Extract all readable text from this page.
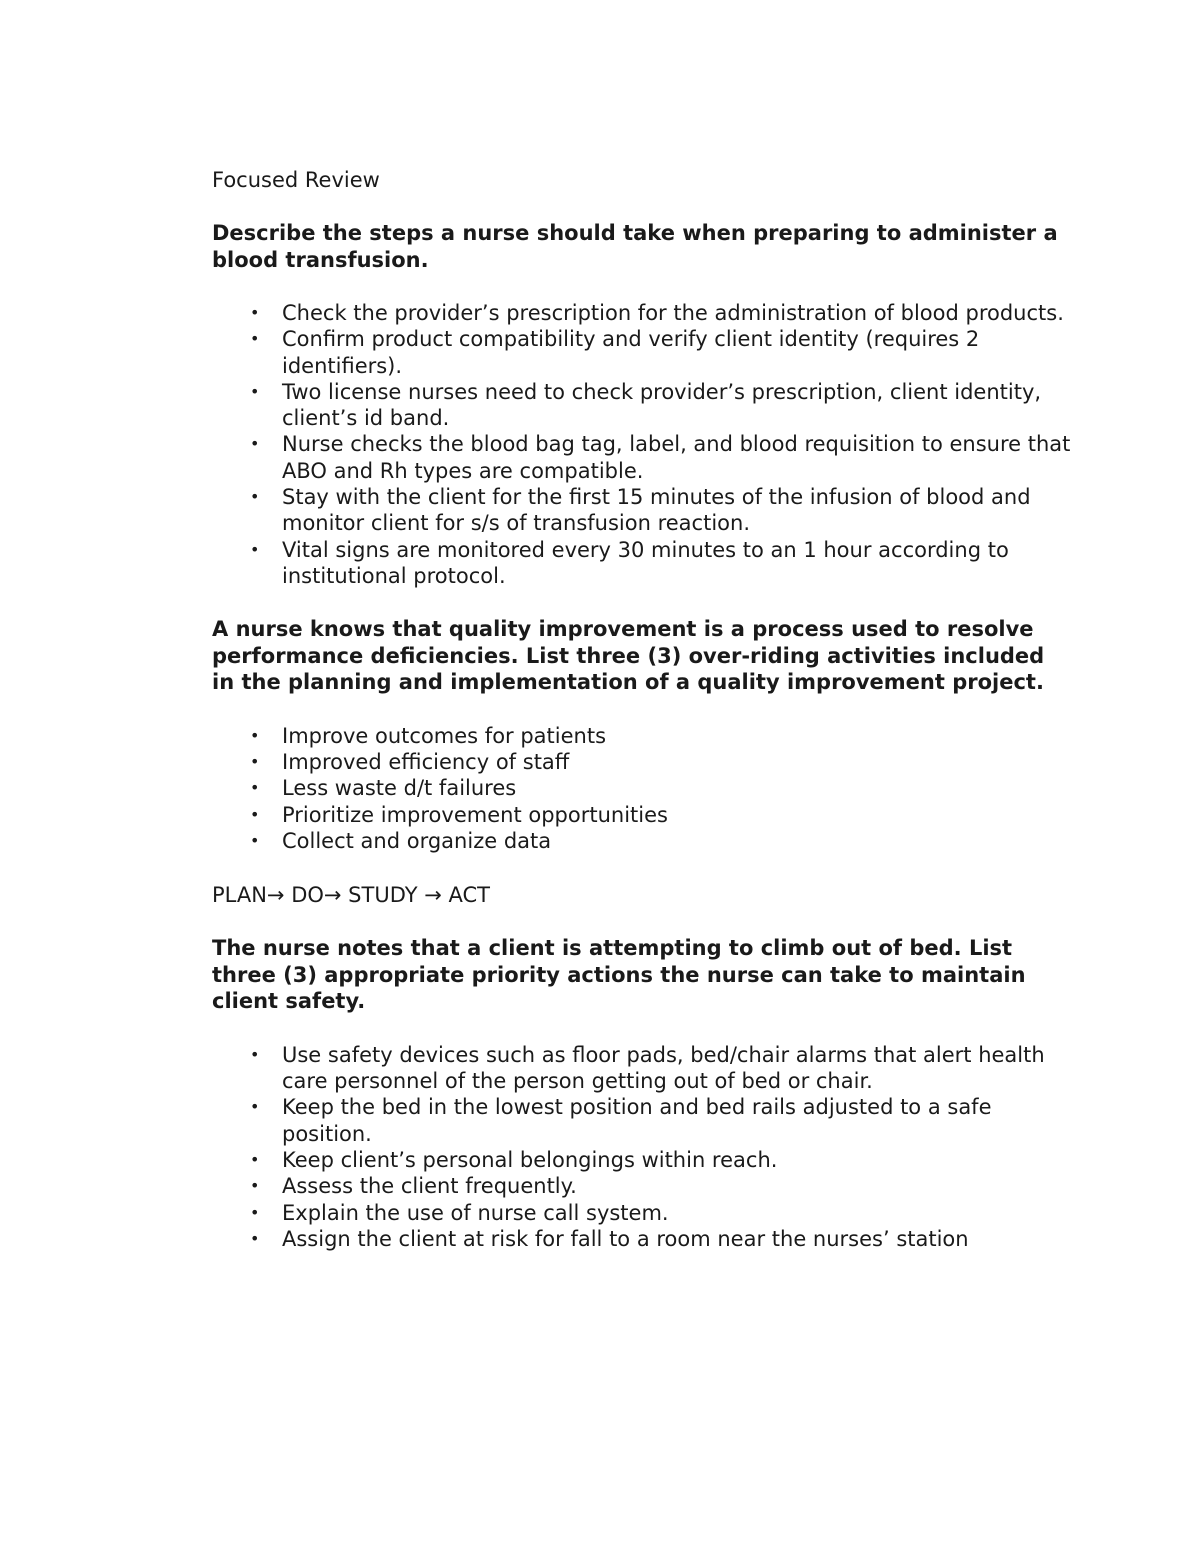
Focused Review
Describe the steps a nurse should take when preparing to administer a blood transfusion.
• Check the provider’s prescription for the administration of blood products.
• Confirm product compatibility and verify client identity (requires 2 identifiers).
• Two license nurses need to check provider’s prescription, client identity, client’s id band.
• Nurse checks the blood bag tag, label, and blood requisition to ensure that ABO and Rh types are compatible.
• Stay with the client for the first 15 minutes of the infusion of blood and monitor client for s/s of transfusion reaction.
• Vital signs are monitored every 30 minutes to an 1 hour according to institutional protocol.
A nurse knows that quality improvement is a process used to resolve performance deficiencies. List three (3) over-riding activities included in the planning and implementation of a quality improvement project.
• Improve outcomes for patients
• Improved efficiency of staff
• Less waste d/t failures
• Prioritize improvement opportunities
• Collect and organize data
PLAN→ DO→ STUDY → ACT
The nurse notes that a client is attempting to climb out of bed. List three (3) appropriate priority actions the nurse can take to maintain client safety.
• Use safety devices such as floor pads, bed/chair alarms that alert health care personnel of the person getting out of bed or chair.
• Keep the bed in the lowest position and bed rails adjusted to a safe position.
• Keep client’s personal belongings within reach.
• Assess the client frequently.
• Explain the use of nurse call system.
• Assign the client at risk for fall to a room near the nurses’ station
